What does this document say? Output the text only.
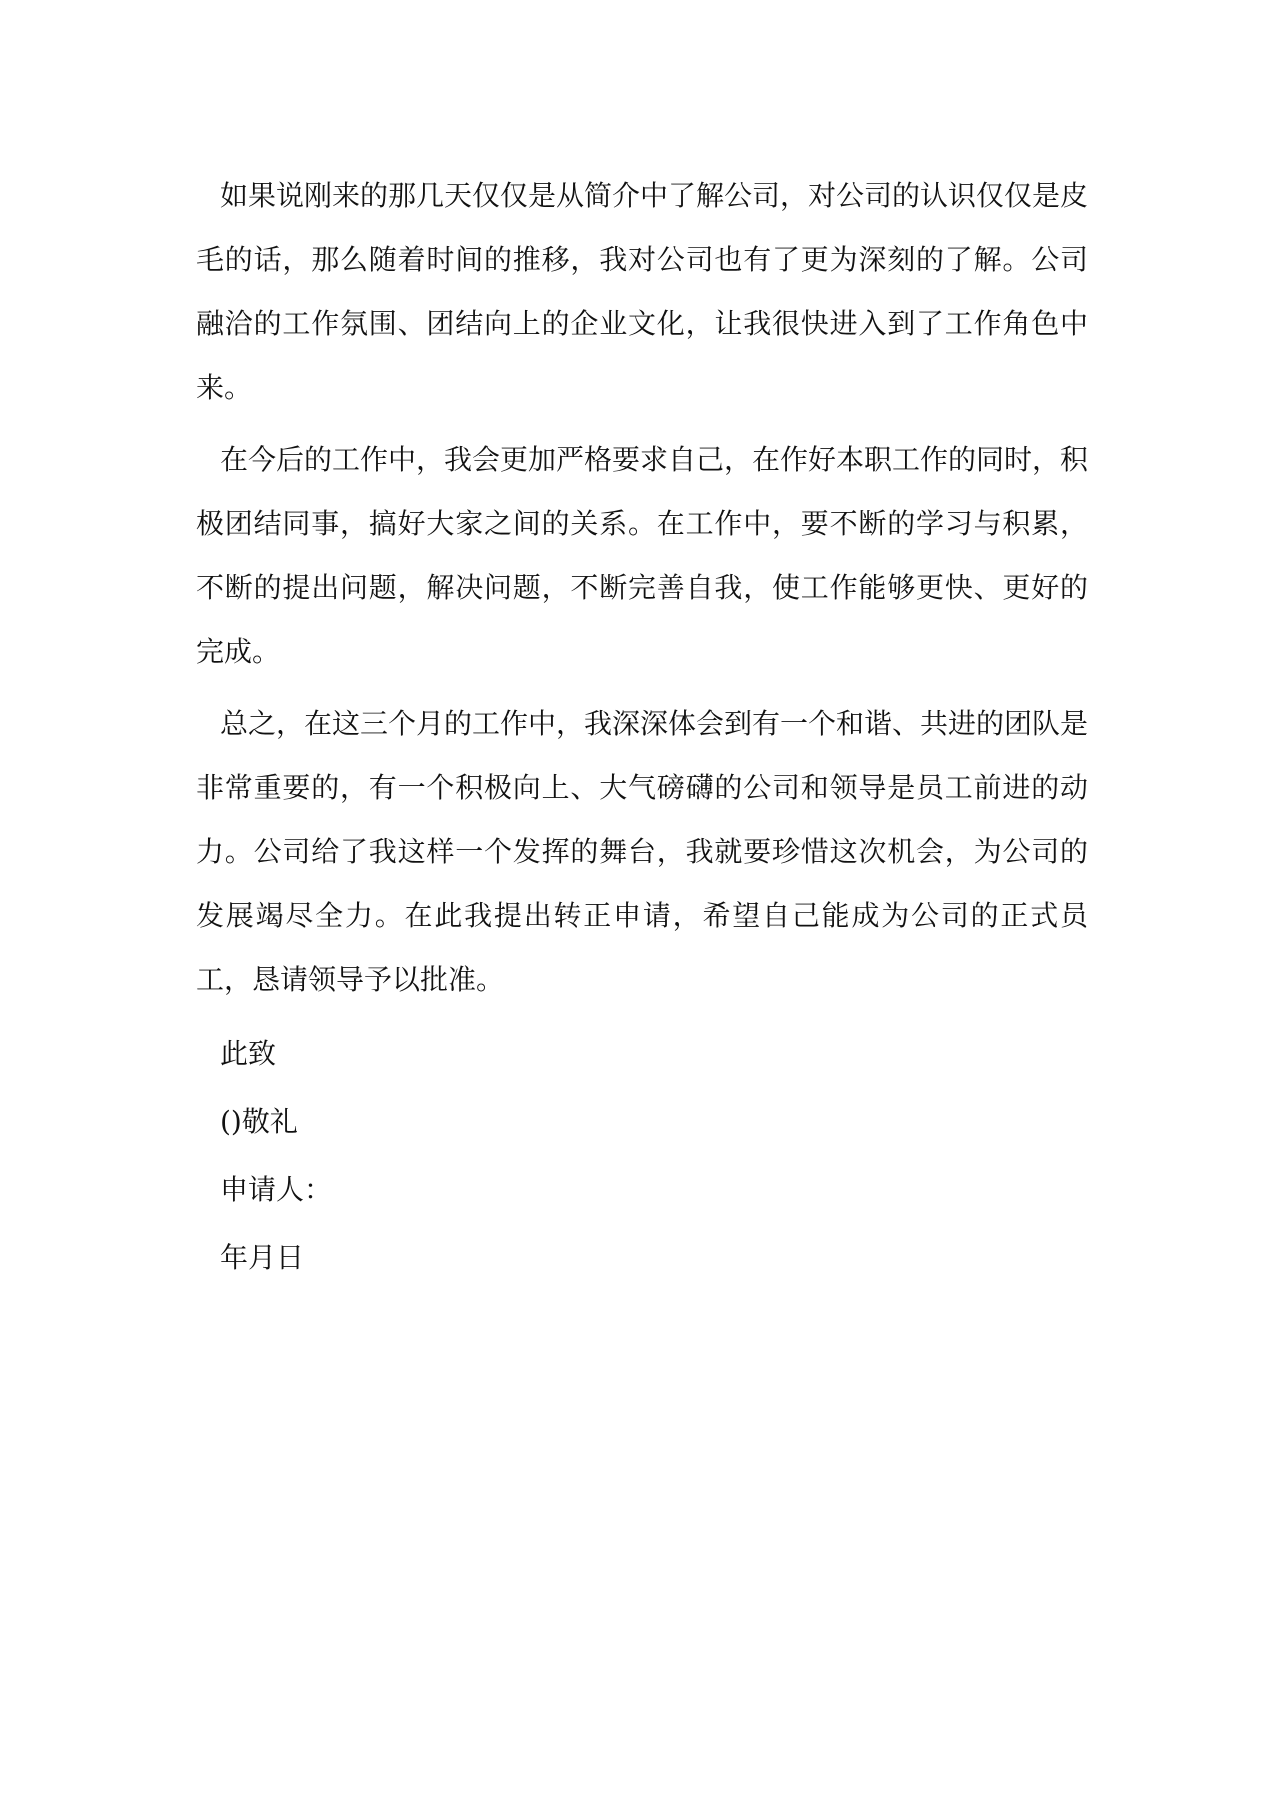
如果说刚来的那几天仅仅是从简介中了解公司，对公司的认识仅仅是皮毛的话，那么随着时间的推移，我对公司也有了更为深刻的了解。公司融洽的工作氛围、团结向上的企业文化，让我很快进入到了工作角色中来。

在今后的工作中，我会更加严格要求自己，在作好本职工作的同时，积极团结同事，搞好大家之间的关系。在工作中，要不断的学习与积累，不断的提出问题，解决问题，不断完善自我，使工作能够更快、更好的完成。

总之，在这三个月的工作中，我深深体会到有一个和谐、共进的团队是非常重要的，有一个积极向上、大气磅礴的公司和领导是员工前进的动力。公司给了我这样一个发挥的舞台，我就要珍惜这次机会，为公司的发展竭尽全力。在此我提出转正申请，希望自己能成为公司的正式员工，恳请领导予以批准。

此致

()敬礼

申请人：

年月日
